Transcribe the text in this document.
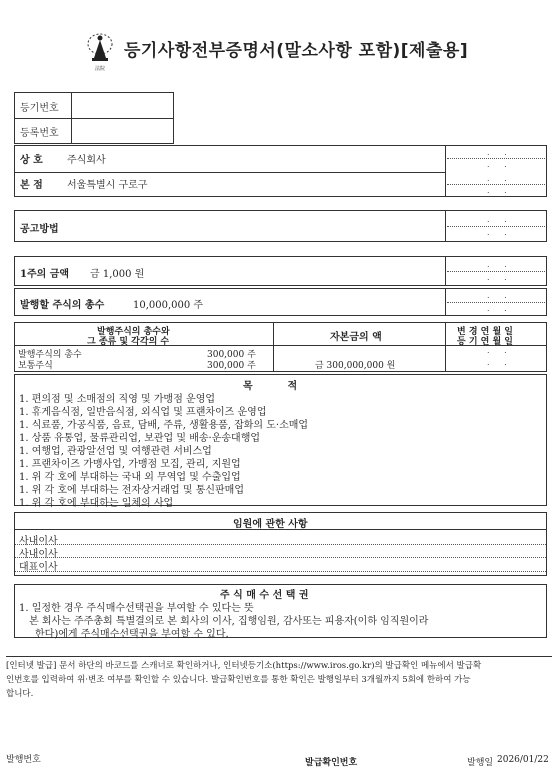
法院
등기사항전부증명서(말소사항 포함)[제출용]
등기번호
등록번호
. .
. .
. .
. .
상 호 주식회사
본 점 서울특별시 구로구
. .
. .
공고방법
. .
. .
1주의 금액 금 1,000 원
. .
. .
발행할 주식의 총수	10,000,000 주
발행주식의 총수와
그 종류 및 각각의 수	자본금의 액	변 경 연 월 일
등 기 연 월 일
발행주식의 총수	300,000 주
보통주식	300,000 주	금 300,000,000 원
. .
. .
목          적
1. 편의점 및 소매점의 직영 및 가맹점 운영업
1. 휴게음식점, 일반음식점, 외식업 및 프랜차이즈 운영업
1. 식료품, 가공식품, 음료, 담배, 주류, 생활용품, 잡화의 도·소매업
1. 상품 유통업, 물류관리업, 보관업 및 배송·운송대행업
1. 여행업, 관광알선업 및 여행관련 서비스업
1. 프랜차이즈 가맹사업, 가맹점 모집, 관리, 지원업
1. 위 각 호에 부대하는 국내 외 무역업 및 수출입업
1. 위 각 호에 부대하는 전자상거래업 및 통신판매업
1. 위 각 호에 부대하는 일체의 사업
임원에 관한 사항
사내이사
사내이사
대표이사
주 식 매 수 선 택 권
1. 일정한 경우 주식매수선택권을 부여할 수 있다는 뜻
본 회사는 주주총회 특별결의로 본 회사의 이사, 집행임원, 감사또는 피용자(이하 임직원이라
한다)에게 주식매수선택권을 부여할 수 있다.
[인터넷 발급] 문서 하단의 바코드를 스캐너로 확인하거나, 인터넷등기소(https://www.iros.go.kr)의 발급확인 메뉴에서 발급확
인번호를 입력하여 위·변조 여부를 확인할 수 있습니다. 발급확인번호를 통한 확인은 발행일부터 3개월까지 5회에 한하여 가능
합니다.
발행번호	발급확인번호	발행일 2026/01/22
